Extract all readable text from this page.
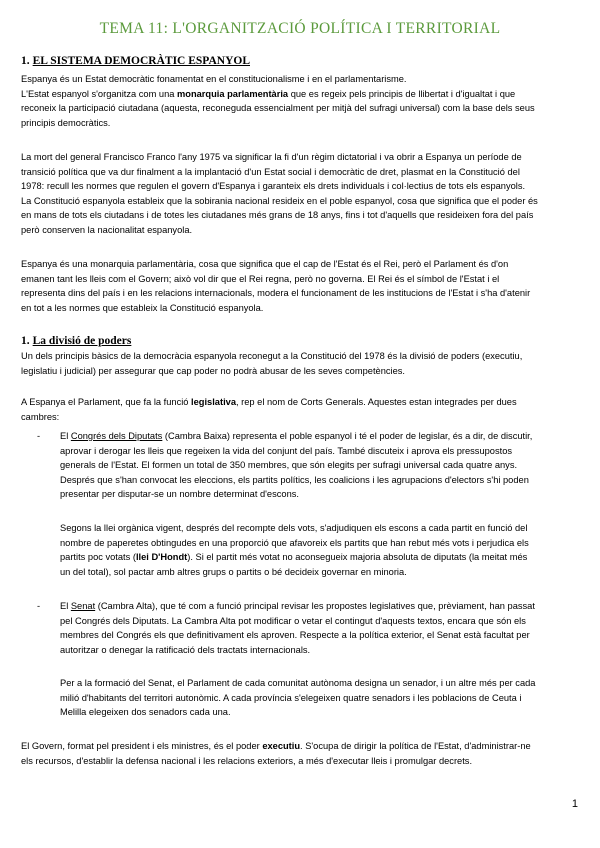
TEMA 11: L'ORGANITZACIÓ POLÍTICA I TERRITORIAL
1. EL SISTEMA DEMOCRÀTIC ESPANYOL

Espanya és un Estat democràtic fonamentat en el constitucionalisme i en el parlamentarisme.
L'Estat espanyol s'organitza com una monarquia parlamentària que es regeix pels principis de llibertat i d'igualtat i que
reconeix la participació ciutadana (aquesta, reconeguda essencialment per mitjà del sufragi universal) com la base dels seus
principis democràtics.

La mort del general Francisco Franco l'any 1975 va significar la fi d'un règim dictatorial i va obrir a Espanya un període de
transició política que va dur finalment a la implantació d'un Estat social i democràtic de dret, plasmat en la Constitució del
1978: recull les normes que regulen el govern d'Espanya i garanteix els drets individuals i col·lectius de tots els espanyols.
La Constitució espanyola estableix que la sobirania nacional resideix en el poble espanyol, cosa que significa que el poder és
en mans de tots els ciutadans i de totes les ciutadanes més grans de 18 anys, fins i tot d'aquells que resideixen fora del país
però conserven la nacionalitat espanyola.

Espanya és una monarquia parlamentària, cosa que significa que el cap de l'Estat és el Rei, però el Parlament és d'on
emanen tant les lleis com el Govern; això vol dir que el Rei regna, però no governa. El Rei és el símbol de l'Estat i el
representa dins del país i en les relacions internacionals, modera el funcionament de les institucions de l'Estat i s'ha d'atenir
en tot a les normes que estableix la Constitució espanyola.

1. La divisió de poders

Un dels principis bàsics de la democràcia espanyola reconegut a la Constitució del 1978 és la divisió de poders (executiu,
legislatiu i judicial) per assegurar que cap poder no podrà abusar de les seves competències.

A Espanya el Parlament, que fa la funció legislativa, rep el nom de Corts Generals. Aquestes estan integrades per dues
cambres:

- El Congrés dels Diputats (Cambra Baixa) representa el poble espanyol i té el poder de legislar, és a dir, de discutir,
aprovar i derogar les lleis que regeixen la vida del conjunt del país. També discuteix i aprova els pressupostos
generals de l'Estat. El formen un total de 350 membres, que són elegits per sufragi universal cada quatre anys.
Després que s'han convocat les eleccions, els partits polítics, les coalicions i les agrupacions d'electors s'hi poden
presentar per disputar-se un nombre determinat d'escons.

Segons la llei orgànica vigent, després del recompte dels vots, s'adjudiquen els escons a cada partit en funció del
nombre de paperetes obtingudes en una proporció que afavoreix els partits que han rebut més vots i perjudica els
partits poc votats (llei D'Hondt). Si el partit més votat no aconsegueix majoria absoluta de diputats (la meitat més
un del total), sol pactar amb altres grups o partits o bé decideix governar en minoria.

- El Senat (Cambra Alta), que té com a funció principal revisar les propostes legislatives que, prèviament, han passat
pel Congrés dels Diputats. La Cambra Alta pot modificar o vetar el contingut d'aquests textos, encara que són els
membres del Congrés els que definitivament els aproven. Respecte a la política exterior, el Senat està facultat per
autoritzar o denegar la ratificació dels tractats internacionals.

Per a la formació del Senat, el Parlament de cada comunitat autònoma designa un senador, i un altre més per cada
milió d'habitants del territori autonòmic. A cada província s'elegeixen quatre senadors i les poblacions de Ceuta i
Melilla elegeixen dos senadors cada una.

El Govern, format pel president i els ministres, és el poder executiu. S'ocupa de dirigir la política de l'Estat, d'administrar-ne
els recursos, d'establir la defensa nacional i les relacions exteriors, a més d'executar lleis i promulgar decrets.

1
